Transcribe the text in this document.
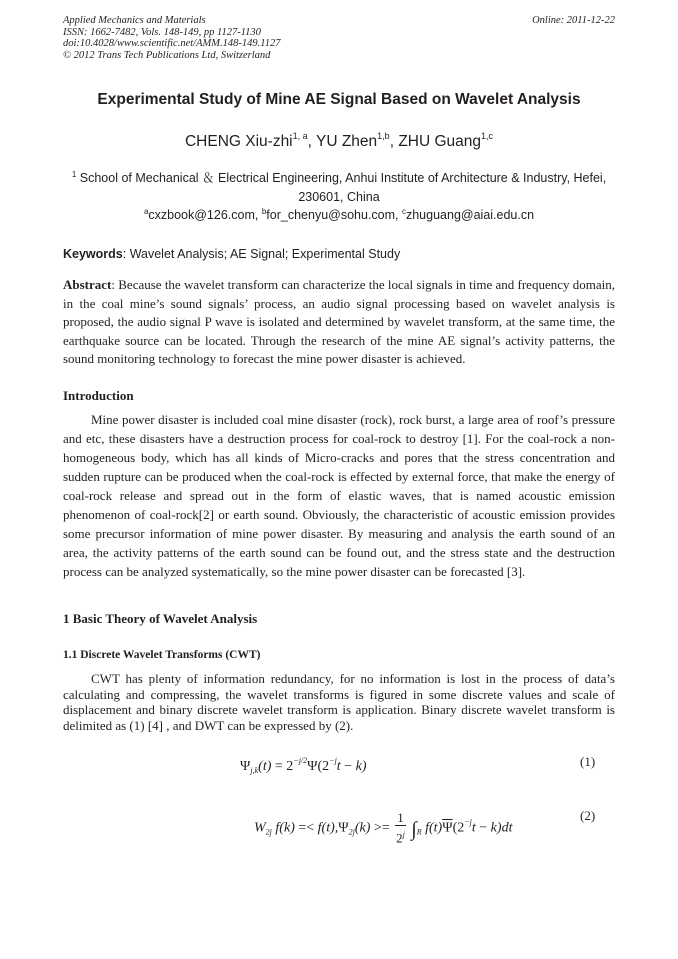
Applied Mechanics and Materials
ISSN: 1662-7482, Vols. 148-149, pp 1127-1130
doi:10.4028/www.scientific.net/AMM.148-149.1127
© 2012 Trans Tech Publications Ltd, Switzerland
Online: 2011-12-22
Experimental Study of Mine AE Signal Based on Wavelet Analysis
CHENG Xiu-zhi$^{1, a}$, YU Zhen$^{1,b}$, ZHU Guang$^{1,c}$
$^1$ School of Mechanical ＆ Electrical Engineering, Anhui Institute of Architecture & Industry, Hefei,
230601, China
$^a$cxzbook@126.com, $^b$for_chenyu@sohu.com, $^c$zhuguang@aiai.edu.cn
Keywords: Wavelet Analysis; AE Signal; Experimental Study
Abstract: Because the wavelet transform can characterize the local signals in time and frequency domain, in the coal mine’s sound signals’ process, an audio signal processing based on wavelet analysis is proposed, the audio signal P wave is isolated and determined by wavelet transform, at the same time, the earthquake source can be located. Through the research of the mine AE signal’s activity patterns, the sound monitoring technology to forecast the mine power disaster is achieved.
Introduction
Mine power disaster is included coal mine disaster (rock), rock burst, a large area of roof’s pressure and etc, these disasters have a destruction process for coal-rock to destroy [1]. For the coal-rock a non-homogeneous body, which has all kinds of Micro-cracks and pores that the stress concentration and sudden rupture can be produced when the coal-rock is effected by external force, that make the energy of coal-rock release and spread out in the form of elastic waves, that is named acoustic emission phenomenon of coal-rock[2] or earth sound. Obviously, the characteristic of acoustic emission provides some precursor information of mine power disaster. By measuring and analysis the earth sound of an area, the activity patterns of the earth sound can be found out, and the stress state and the destruction process can be analyzed systematically, so the mine power disaster can be forecasted [3].
1 Basic Theory of Wavelet Analysis
1.1 Discrete Wavelet Transforms (CWT)
CWT has plenty of information redundancy, for no information is lost in the process of data’s calculating and compressing, the wavelet transforms is figured in some discrete values and scale of displacement and binary discrete wavelet transform is application. Binary discrete wavelet transform is delimited as (1) [4] , and DWT can be expressed by (2).
$\Psi_{j,k}(t) = 2^{-j/2}\Psi(2^{-j}t - k)$	(1)
$W_{2j}$ $f(k) =< f(t),\Psi_{2j}(k) >= \frac{1}{2^j} \int_R$ $f(t)\overline{\Psi}(2^{-j}t - k)dt$
(2)
